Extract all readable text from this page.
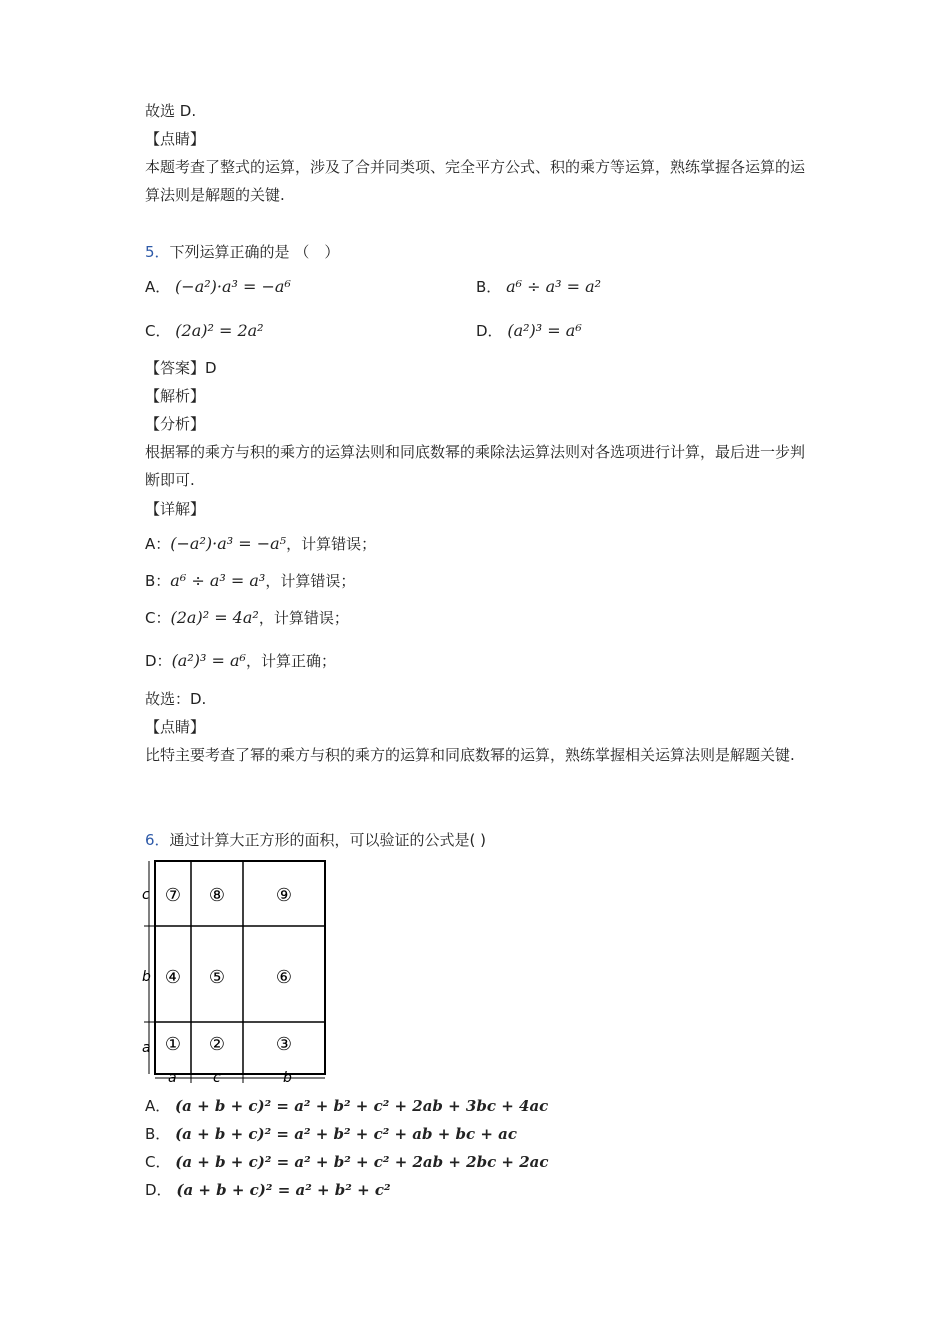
故选 D.
【点睛】
本题考查了整式的运算，涉及了合并同类项、完全平方公式、积的乘方等运算，熟练掌握各运算的运算法则是解题的关键.
5．下列运算正确的是 （　）
A． (−a²)·a³ = −a⁶	B． a⁶ ÷ a³ = a²
C． (2a)² = 2a²	D． (a²)³ = a⁶
【答案】D
【解析】
【分析】
根据幂的乘方与积的乘方的运算法则和同底数幂的乘除法运算法则对各选项进行计算，最后进一步判断即可.
【详解】
A：(−a²)·a³ = −a⁵，计算错误；
B：a⁶ ÷ a³ = a³，计算错误；
C：(2a)² = 4a²，计算错误；
D：(a²)³ = a⁶，计算正确；
故选：D.
【点睛】
比特主要考查了幂的乘方与积的乘方的运算和同底数幂的运算，熟练掌握相关运算法则是解题关键.
6．通过计算大正方形的面积，可以验证的公式是( )
c
b
a
a	c	b
⑦ ⑧	⑨
④ ⑤	⑥
① ②	③
A． (a + b + c)² = a² + b² + c² + 2ab + 3bc + 4ac
B． (a + b + c)² = a² + b² + c² + ab + bc + ac
C． (a + b + c)² = a² + b² + c² + 2ab + 2bc + 2ac
D． (a + b + c)² = a² + b² + c²
